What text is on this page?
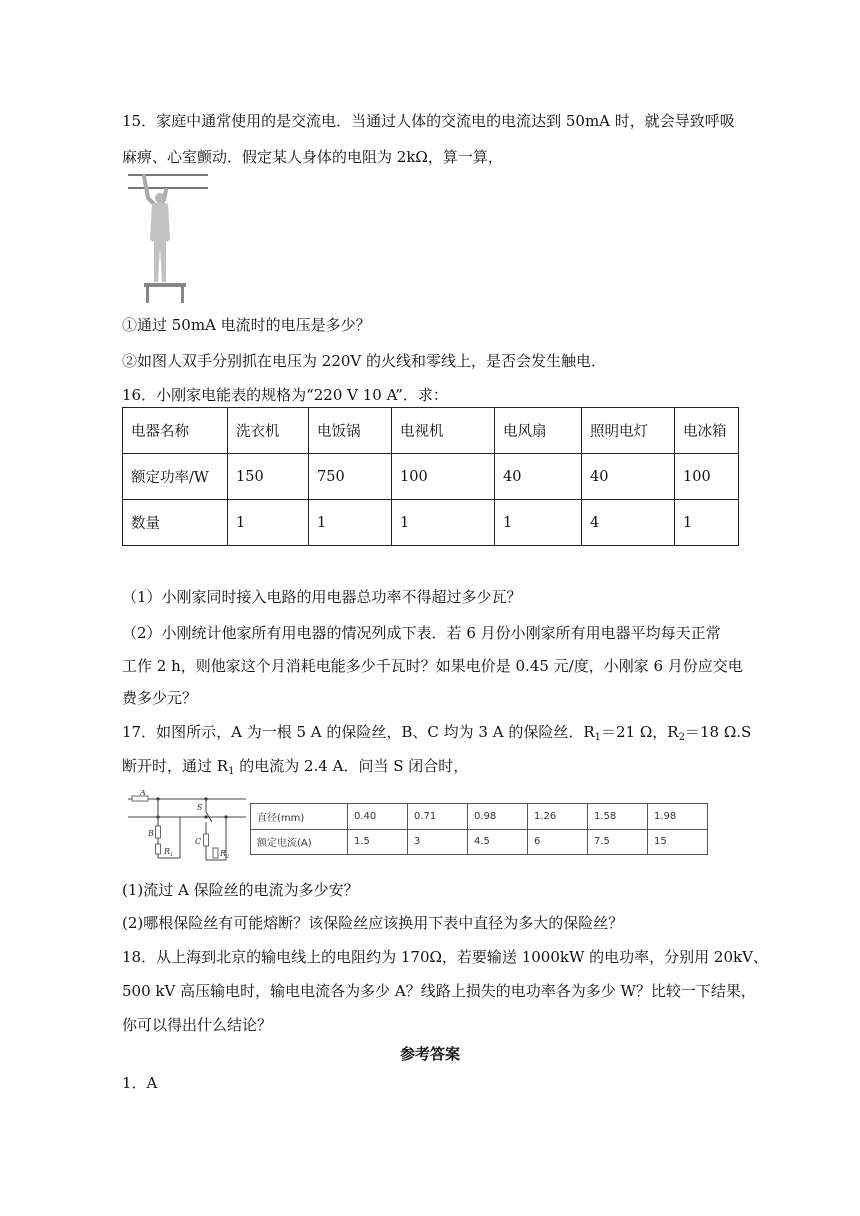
15．家庭中通常使用的是交流电．当通过人体的交流电的电流达到 50mA 时，就会导致呼吸
麻痹、心室颤动．假定某人身体的电阻为 2kΩ，算一算，
①通过 50mA 电流时的电压是多少？
②如图人双手分别抓在电压为 220V 的火线和零线上，是否会发生触电．
16．小刚家电能表的规格为“220 V 10 A”．求：
电器名称	洗衣机	电饭锅	电视机	电风扇	照明电灯	电冰箱
额定功率/W	150	750	100	40	40	100
数量	1	1	1	1	4	1
（1）小刚家同时接入电路的用电器总功率不得超过多少瓦？
（2）小刚统计他家所有用电器的情况列成下表．若 6 月份小刚家所有用电器平均每天正常
工作 2 h，则他家这个月消耗电能多少千瓦时？如果电价是 0.45 元/度，小刚家 6 月份应交电
费多少元？
17．如图所示，A 为一根 5 A 的保险丝，B、C 均为 3 A 的保险丝．$R_1=21$ Ω，$R_2=18$ Ω.S
断开时，通过 $R_1$ 的电流为 2.4 A．问当 S 闭合时，
A
B
$R_1$
S
C
$R_2$
直径(mm)	0.40	0.71	0.98	1.26	1.58	1.98
额定电流(A)	1.5	3	4.5	6	7.5	15
(1)流过 A 保险丝的电流为多少安？
(2)哪根保险丝有可能熔断？该保险丝应该换用下表中直径为多大的保险丝？
18．从上海到北京的输电线上的电阻约为 170Ω，若要输送 1000kW 的电功率，分别用 20kV、
500 kV 高压输电时，输电电流各为多少 A？线路上损失的电功率各为多少 W？比较一下结果，
你可以得出什么结论？
参考答案
1．A
